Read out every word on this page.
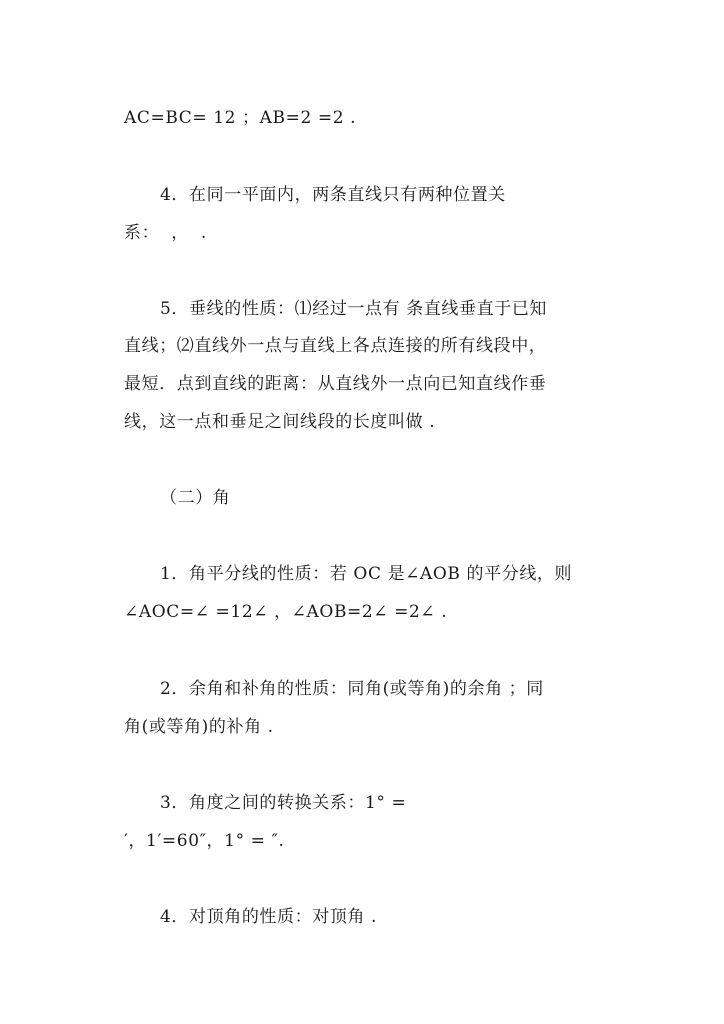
AC=BC= 12 ；AB=2 =2 .
4．在同一平面内，两条直线只有两种位置关
系：  ，  .
5．垂线的性质：⑴经过一点有 条直线垂直于已知
直线；⑵直线外一点与直线上各点连接的所有线段中，
最短．点到直线的距离：从直线外一点向已知直线作垂
线，这一点和垂足之间线段的长度叫做 .
（二）角
1．角平分线的性质：若 OC 是∠AOB 的平分线，则
∠AOC=∠ =12∠ ，∠AOB=2∠ =2∠ .
2．余角和补角的性质：同角(或等角)的余角 ；同
角(或等角)的补角 .
3．角度之间的转换关系：1° =
′，1′=60″，1° = ″.
4．对顶角的性质：对顶角 .
